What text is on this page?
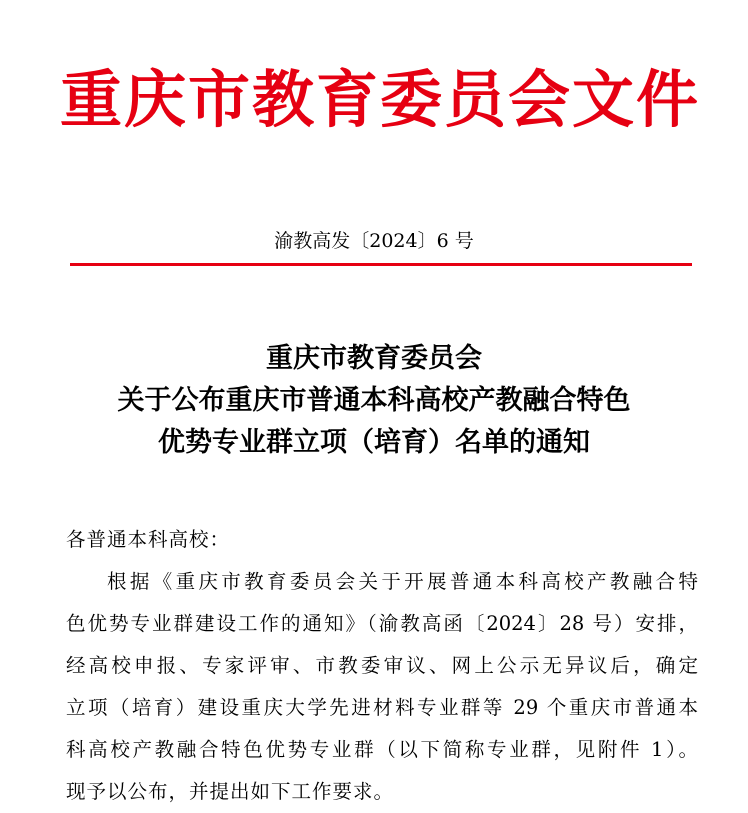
重庆市教育委员会文件
渝教高发〔2024〕6 号
重庆市教育委员会
关于公布重庆市普通本科高校产教融合特色
优势专业群立项（培育）名单的通知
各普通本科高校：
根据《重庆市教育委员会关于开展普通本科高校产教融合特
色优势专业群建设工作的通知》（渝教高函〔2024〕28 号）安排，
经高校申报、专家评审、市教委审议、网上公示无异议后，确定
立项（培育）建设重庆大学先进材料专业群等 29 个重庆市普通本
科高校产教融合特色优势专业群（以下简称专业群，见附件 1）。
现予以公布，并提出如下工作要求。
